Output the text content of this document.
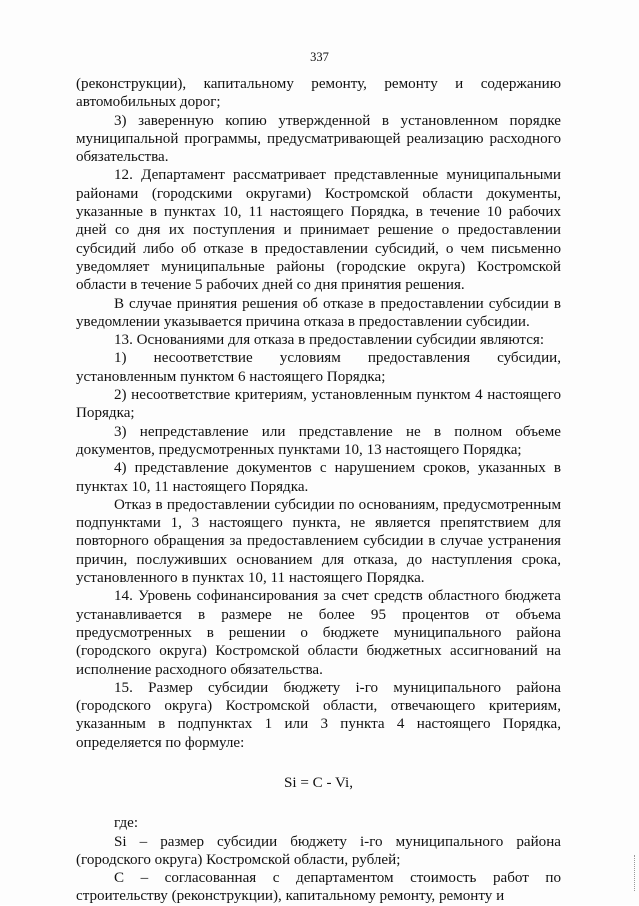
337

(реконструкции), капитальному ремонту, ремонту и содержанию автомобильных дорог;

3) заверенную копию утвержденной в установленном порядке муниципальной программы, предусматривающей реализацию расходного обязательства.

12. Департамент рассматривает представленные муниципальными районами (городскими округами) Костромской области документы, указанные в пунктах 10, 11 настоящего Порядка, в течение 10 рабочих дней со дня их поступления и принимает решение о предоставлении субсидий либо об отказе в предоставлении субсидий, о чем письменно уведомляет муниципальные районы (городские округа) Костромской области в течение 5 рабочих дней со дня принятия решения.

В случае принятия решения об отказе в предоставлении субсидии в уведомлении указывается причина отказа в предоставлении субсидии.

13. Основаниями для отказа в предоставлении субсидии являются:

1) несоответствие условиям предоставления субсидии, установленным пунктом 6 настоящего Порядка;

2) несоответствие критериям, установленным пунктом 4 настоящего Порядка;

3) непредставление или представление не в полном объеме документов, предусмотренных пунктами 10, 13 настоящего Порядка;

4) представление документов с нарушением сроков, указанных в пунктах 10, 11 настоящего Порядка.

Отказ в предоставлении субсидии по основаниям, предусмотренным подпунктами 1, 3 настоящего пункта, не является препятствием для повторного обращения за предоставлением субсидии в случае устранения причин, послуживших основанием для отказа, до наступления срока, установленного в пунктах 10, 11 настоящего Порядка.

14. Уровень софинансирования за счет средств областного бюджета устанавливается в размере не более 95 процентов от объема предусмотренных в решении о бюджете муниципального района (городского округа) Костромской области бюджетных ассигнований на исполнение расходного обязательства.

15. Размер субсидии бюджету i-го муниципального района (городского округа) Костромской области, отвечающего критериям, указанным в подпунктах 1 или 3 пункта 4 настоящего Порядка, определяется по формуле:

Si = C - Vi,

где:

Si – размер субсидии бюджету i-го муниципального района (городского округа) Костромской области, рублей;

C – согласованная с департаментом стоимость работ по строительству (реконструкции), капитальному ремонту, ремонту и
